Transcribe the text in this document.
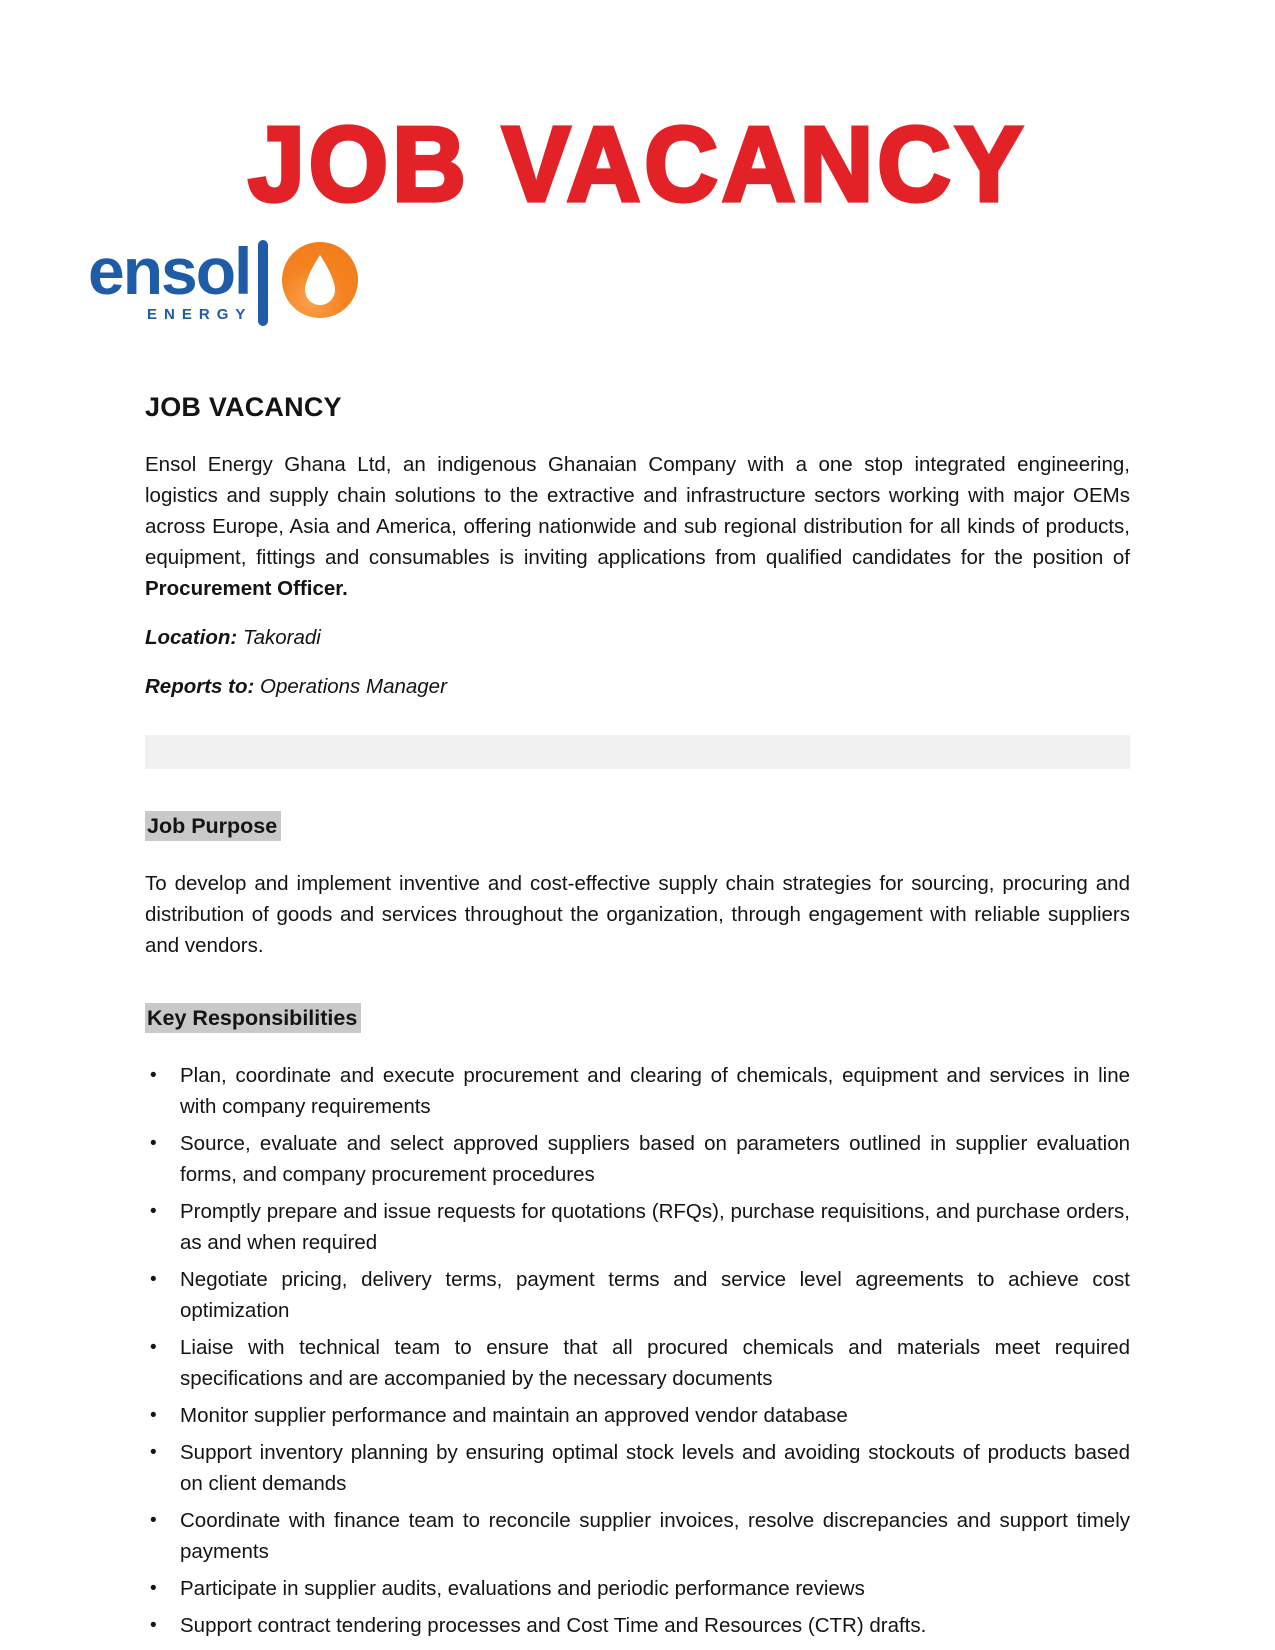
JOB VACANCY
ensol
ENERGY
JOB VACANCY

Ensol Energy Ghana Ltd, an indigenous Ghanaian Company with a one stop integrated engineering, logistics and supply chain solutions to the extractive and infrastructure sectors working with major OEMs across Europe, Asia and America, offering nationwide and sub regional distribution for all kinds of products, equipment, fittings and consumables is inviting applications from qualified candidates for the position of Procurement Officer.

Location: Takoradi
Reports to: Operations Manager
Job Purpose

To develop and implement inventive and cost-effective supply chain strategies for sourcing, procuring and distribution of goods and services throughout the organization, through engagement with reliable suppliers and vendors.

Key Responsibilities
•	Plan, coordinate and execute procurement and clearing of chemicals, equipment and services in line with company requirements
•	Source, evaluate and select approved suppliers based on parameters outlined in supplier evaluation forms, and company procurement procedures
•	Promptly prepare and issue requests for quotations (RFQs), purchase requisitions, and purchase orders, as and when required
•	Negotiate pricing, delivery terms, payment terms and service level agreements to achieve cost optimization
•	Liaise with technical team to ensure that all procured chemicals and materials meet required specifications and are accompanied by the necessary documents
•	Monitor supplier performance and maintain an approved vendor database
•	Support inventory planning by ensuring optimal stock levels and avoiding stockouts of products based on client demands
•	Coordinate with finance team to reconcile supplier invoices, resolve discrepancies and support timely payments
•	Participate in supplier audits, evaluations and periodic performance reviews
•	Support contract tendering processes and Cost Time and Resources (CTR) drafts.
